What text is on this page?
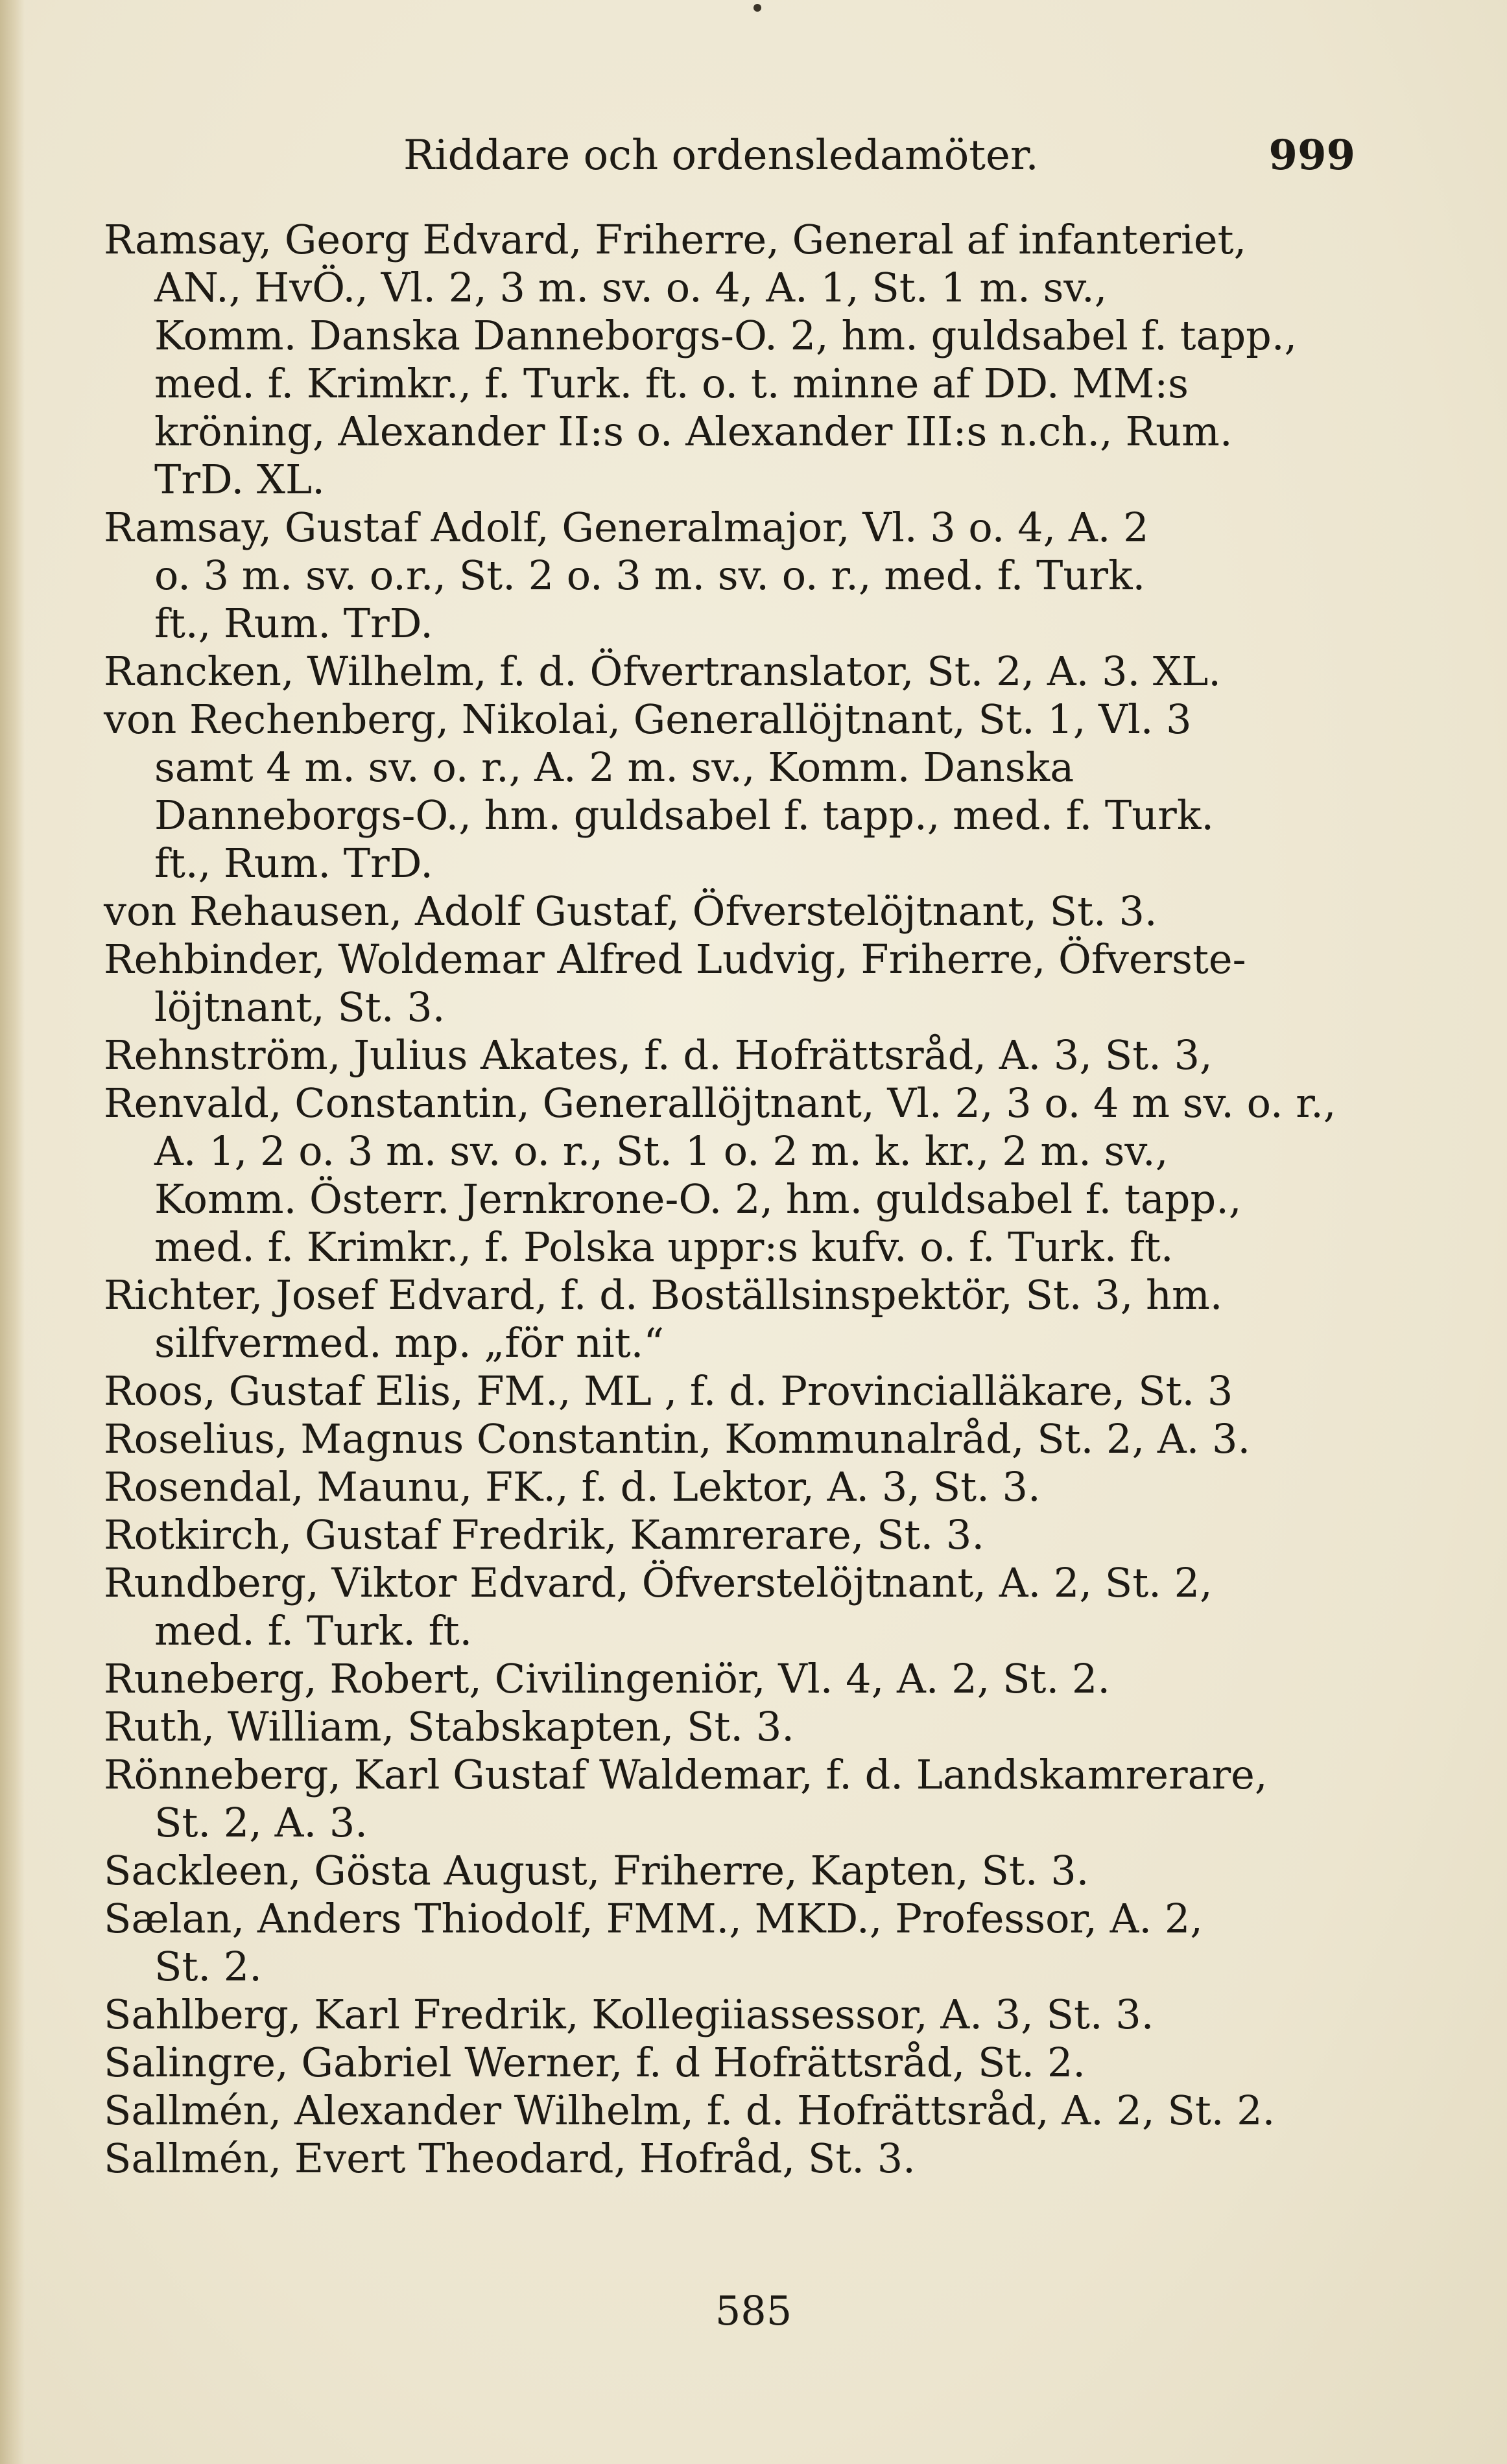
Riddare och ordensledamöter.	999
Ramsay, Georg Edvard, Friherre, General af infanteriet,
AN., HvÖ., Vl. 2, 3 m. sv. o. 4, A. 1, St. 1 m. sv.,
Komm. Danska Danneborgs-O. 2, hm. guldsabel f. tapp.,
med. f. Krimkr., f. Turk. ft. o. t. minne af DD. MM:s
kröning, Alexander II:s o. Alexander III:s n.ch., Rum.
TrD. XL.
Ramsay, Gustaf Adolf, Generalmajor, Vl. 3 o. 4, A. 2
o. 3 m. sv. o.r., St. 2 o. 3 m. sv. o. r., med. f. Turk.
ft., Rum. TrD.
Rancken, Wilhelm, f. d. Öfvertranslator, St. 2, A. 3. XL.
von Rechenberg, Nikolai, Generallöjtnant, St. 1, Vl. 3
samt 4 m. sv. o. r., A. 2 m. sv., Komm. Danska
Danneborgs-O., hm. guldsabel f. tapp., med. f. Turk.
ft., Rum. TrD.
von Rehausen, Adolf Gustaf, Öfverstelöjtnant, St. 3.
Rehbinder, Woldemar Alfred Ludvig, Friherre, Öfverste-
löjtnant, St. 3.
Rehnström, Julius Akates, f. d. Hofrättsråd, A. 3, St. 3,
Renvald, Constantin, Generallöjtnant, Vl. 2, 3 o. 4 m sv. o. r.,
A. 1, 2 o. 3 m. sv. o. r., St. 1 o. 2 m. k. kr., 2 m. sv.,
Komm. Österr. Jernkrone-O. 2, hm. guldsabel f. tapp.,
med. f. Krimkr., f. Polska uppr:s kufv. o. f. Turk. ft.
Richter, Josef Edvard, f. d. Boställsinspektör, St. 3, hm.
silfvermed. mp. „för nit.“
Roos, Gustaf Elis, FM., ML , f. d. Provincialläkare, St. 3
Roselius, Magnus Constantin, Kommunalråd, St. 2, A. 3.
Rosendal, Maunu, FK., f. d. Lektor, A. 3, St. 3.
Rotkirch, Gustaf Fredrik, Kamrerare, St. 3.
Rundberg, Viktor Edvard, Öfverstelöjtnant, A. 2, St. 2,
med. f. Turk. ft.
Runeberg, Robert, Civilingeniör, Vl. 4, A. 2, St. 2.
Ruth, William, Stabskapten, St. 3.
Rönneberg, Karl Gustaf Waldemar, f. d. Landskamrerare,
St. 2, A. 3.
Sackleen, Gösta August, Friherre, Kapten, St. 3.
Sælan, Anders Thiodolf, FMM., MKD., Professor, A. 2,
St. 2.
Sahlberg, Karl Fredrik, Kollegiiassessor, A. 3, St. 3.
Salingre, Gabriel Werner, f. d Hofrättsråd, St. 2.
Sallmén, Alexander Wilhelm, f. d. Hofrättsråd, A. 2, St. 2.
Sallmén, Evert Theodard, Hofråd, St. 3.
585
